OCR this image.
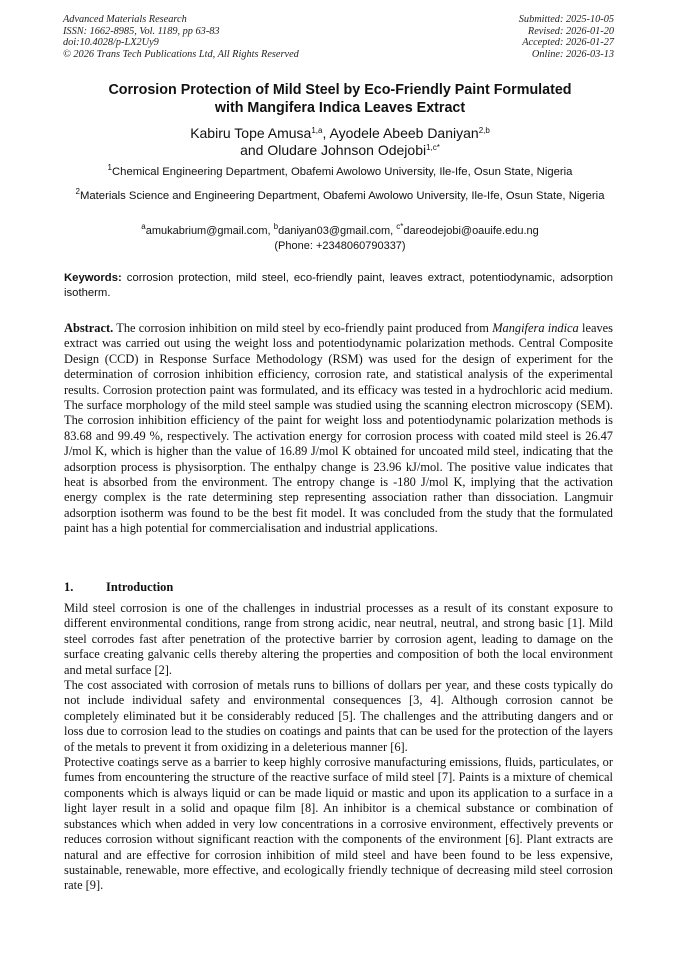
Advanced Materials Research
ISSN: 1662-8985, Vol. 1189, pp 63-83
doi:10.4028/p-LX2Uy9
© 2026 Trans Tech Publications Ltd, All Rights Reserved
Submitted: 2025-10-05
Revised: 2026-01-20
Accepted: 2026-01-27
Online: 2026-03-13
Corrosion Protection of Mild Steel by Eco-Friendly Paint Formulated
with Mangifera Indica Leaves Extract
Kabiru Tope Amusa$^{1,a}$, Ayodele Abeeb Daniyan$^{2,b}$
and Oludare Johnson Odejobi$^{1,c*}$
$^1$Chemical Engineering Department, Obafemi Awolowo University, Ile-Ife, Osun State, Nigeria
$^2$Materials Science and Engineering Department, Obafemi Awolowo University, Ile-Ife, Osun State, Nigeria
$^a$amukabrium@gmail.com, $^b$daniyan03@gmail.com, $^{c*}$dareodejobi@oauife.edu.ng
(Phone: +2348060790337)
Keywords: corrosion protection, mild steel, eco-friendly paint, leaves extract, potentiodynamic, adsorption isotherm.
Abstract. The corrosion inhibition on mild steel by eco-friendly paint produced from Mangifera indica leaves extract was carried out using the weight loss and potentiodynamic polarization methods. Central Composite Design (CCD) in Response Surface Methodology (RSM) was used for the design of experiment for the determination of corrosion inhibition efficiency, corrosion rate, and statistical analysis of the experimental results. Corrosion protection paint was formulated, and its efficacy was tested in a hydrochloric acid medium. The surface morphology of the mild steel sample was studied using the scanning electron microscopy (SEM). The corrosion inhibition efficiency of the paint for weight loss and potentiodynamic polarization methods is 83.68 and 99.49 %, respectively. The activation energy for corrosion process with coated mild steel is 26.47 J/mol K, which is higher than the value of 16.89 J/mol K obtained for uncoated mild steel, indicating that the adsorption process is physisorption. The enthalpy change is 23.96 kJ/mol. The positive value indicates that heat is absorbed from the environment. The entropy change is -180 J/mol K, implying that the activation energy complex is the rate determining step representing association rather than dissociation. Langmuir adsorption isotherm was found to be the best fit model. It was concluded from the study that the formulated paint has a high potential for commercialisation and industrial applications.
1.	Introduction

Mild steel corrosion is one of the challenges in industrial processes as a result of its constant exposure to different environmental conditions, range from strong acidic, near neutral, neutral, and strong basic [1]. Mild steel corrodes fast after penetration of the protective barrier by corrosion agent, leading to damage on the surface creating galvanic cells thereby altering the properties and composition of both the local environment and metal surface [2].

The cost associated with corrosion of metals runs to billions of dollars per year, and these costs typically do not include individual safety and environmental consequences [3, 4]. Although corrosion cannot be completely eliminated but it be considerably reduced [5]. The challenges and the attributing dangers and or loss due to corrosion lead to the studies on coatings and paints that can be used for the protection of the layers of the metals to prevent it from oxidizing in a deleterious manner [6].

Protective coatings serve as a barrier to keep highly corrosive manufacturing emissions, fluids, particulates, or fumes from encountering the structure of the reactive surface of mild steel [7]. Paints is a mixture of chemical components which is always liquid or can be made liquid or mastic and upon its application to a surface in a light layer result in a solid and opaque film [8]. An inhibitor is a chemical substance or combination of substances which when added in very low concentrations in a corrosive environment, effectively prevents or reduces corrosion without significant reaction with the components of the environment [6]. Plant extracts are natural and are effective for corrosion inhibition of mild steel and have been found to be less expensive, sustainable, renewable, more effective, and ecologically friendly technique of decreasing mild steel corrosion rate [9].
